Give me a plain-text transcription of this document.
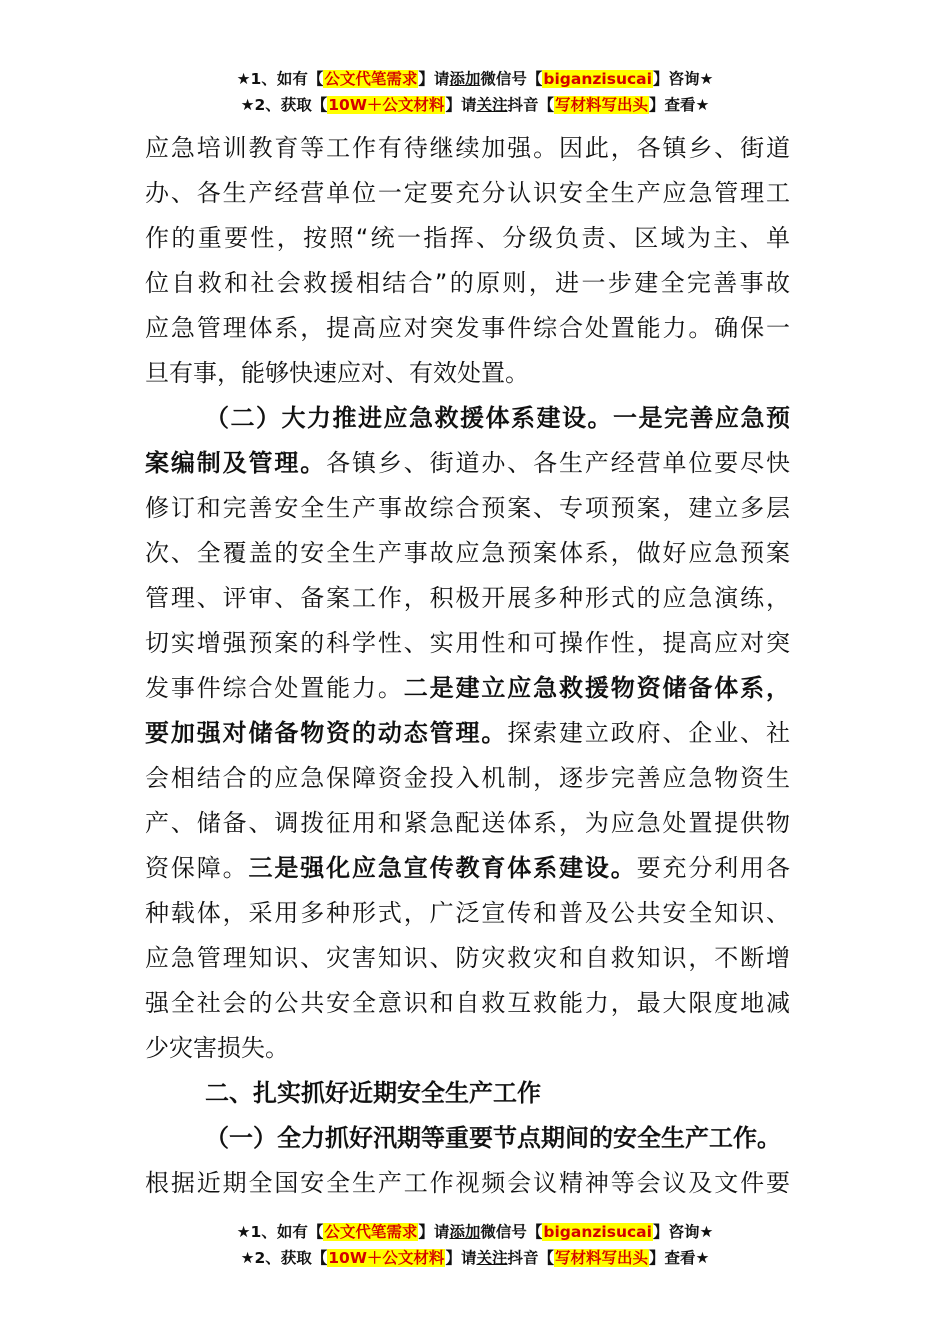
★1、如有【公文代笔需求】请添加微信号【biganzisucai】咨询★
★2、获取【10W＋公文材料】请关注抖音【写材料写出头】查看★

应急培训教育等工作有待继续加强。因此，各镇乡、街道
办、各生产经营单位一定要充分认识安全生产应急管理工
作的重要性，按照“统一指挥、分级负责、区域为主、单
位自救和社会救援相结合”的原则，进一步建全完善事故
应急管理体系，提高应对突发事件综合处置能力。确保一
旦有事，能够快速应对、有效处置。

（二）大力推进应急救援体系建设。一是完善应急预
案编制及管理。各镇乡、街道办、各生产经营单位要尽快
修订和完善安全生产事故综合预案、专项预案，建立多层
次、全覆盖的安全生产事故应急预案体系，做好应急预案
管理、评审、备案工作，积极开展多种形式的应急演练，
切实增强预案的科学性、实用性和可操作性，提高应对突
发事件综合处置能力。二是建立应急救援物资储备体系，
要加强对储备物资的动态管理。探索建立政府、企业、社
会相结合的应急保障资金投入机制，逐步完善应急物资生
产、储备、调拨征用和紧急配送体系，为应急处置提供物
资保障。三是强化应急宣传教育体系建设。要充分利用各
种载体，采用多种形式，广泛宣传和普及公共安全知识、
应急管理知识、灾害知识、防灾救灾和自救知识，不断增
强全社会的公共安全意识和自救互救能力，最大限度地减
少灾害损失。

二、扎实抓好近期安全生产工作

（一）全力抓好汛期等重要节点期间的安全生产工作。
根据近期全国安全生产工作视频会议精神等会议及文件要

★1、如有【公文代笔需求】请添加微信号【biganzisucai】咨询★
★2、获取【10W＋公文材料】请关注抖音【写材料写出头】查看★
